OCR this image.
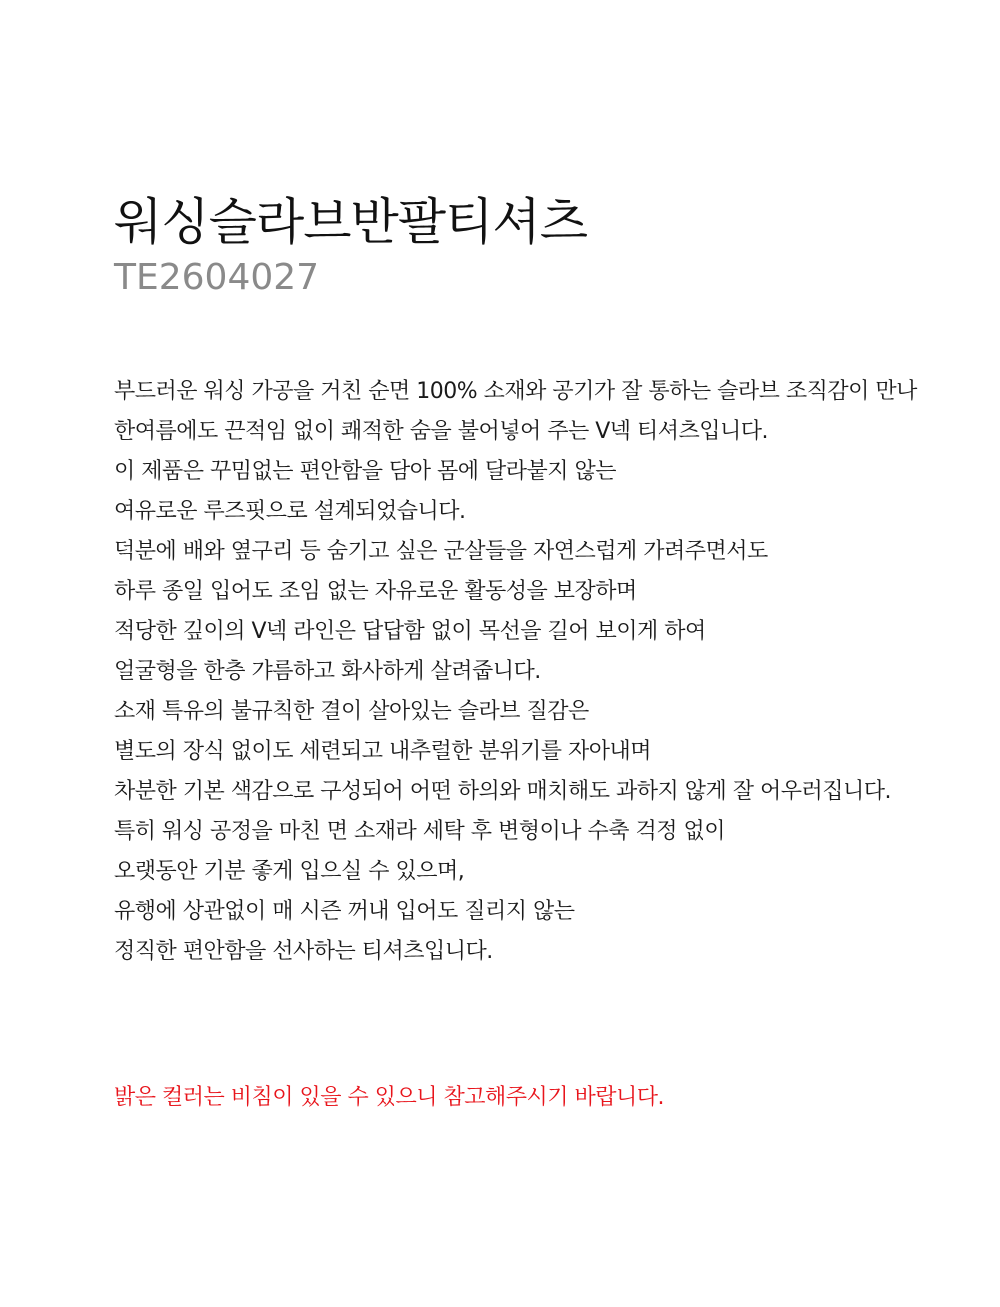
워싱슬라브반팔티셔츠

TE2604027

부드러운 워싱 가공을 거친 순면 100% 소재와 공기가 잘 통하는 슬라브 조직감이 만나
한여름에도 끈적임 없이 쾌적한 숨을 불어넣어 주는 V넥 티셔츠입니다.
이 제품은 꾸밈없는 편안함을 담아 몸에 달라붙지 않는
여유로운 루즈핏으로 설계되었습니다.
덕분에 배와 옆구리 등 숨기고 싶은 군살들을 자연스럽게 가려주면서도
하루 종일 입어도 조임 없는 자유로운 활동성을 보장하며
적당한 깊이의 V넥 라인은 답답함 없이 목선을 길어 보이게 하여
얼굴형을 한층 갸름하고 화사하게 살려줍니다.
소재 특유의 불규칙한 결이 살아있는 슬라브 질감은
별도의 장식 없이도 세련되고 내추럴한 분위기를 자아내며
차분한 기본 색감으로 구성되어 어떤 하의와 매치해도 과하지 않게 잘 어우러집니다.
특히 워싱 공정을 마친 면 소재라 세탁 후 변형이나 수축 걱정 없이
오랫동안 기분 좋게 입으실 수 있으며,
유행에 상관없이 매 시즌 꺼내 입어도 질리지 않는
정직한 편안함을 선사하는 티셔츠입니다.

밝은 컬러는 비침이 있을 수 있으니 참고해주시기 바랍니다.
